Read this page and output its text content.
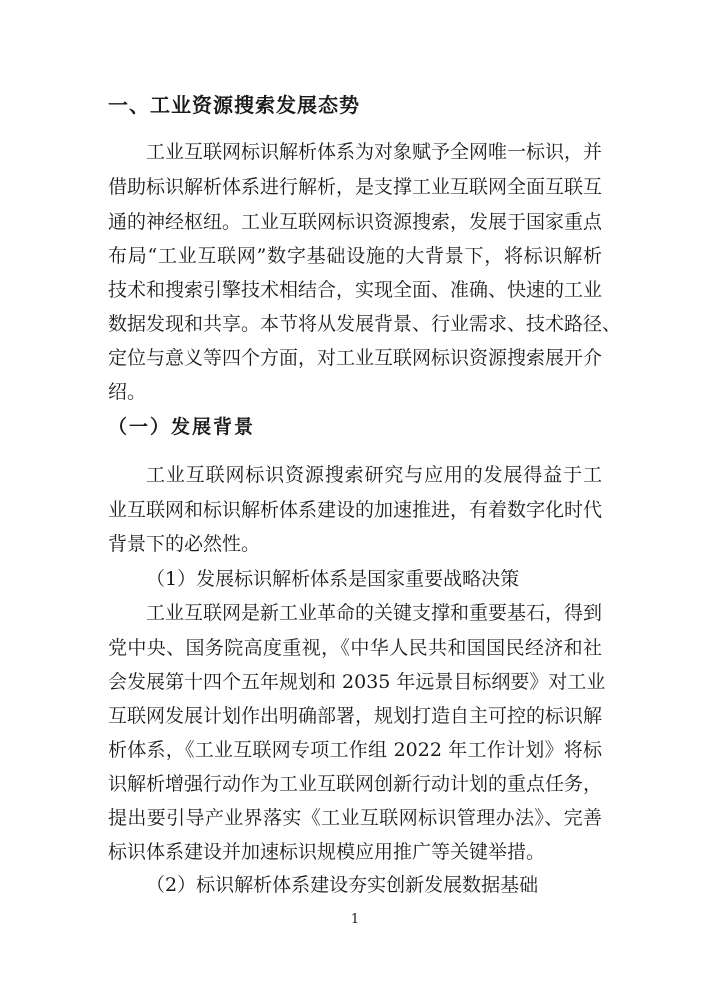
一、工业资源搜索发展态势

工业互联网标识解析体系为对象赋予全网唯一标识，并

借助标识解析体系进行解析，是支撑工业互联网全面互联互

通的神经枢纽。工业互联网标识资源搜索，发展于国家重点

布局“工业互联网”数字基础设施的大背景下，将标识解析

技术和搜索引擎技术相结合，实现全面、准确、快速的工业

数据发现和共享。本节将从发展背景、行业需求、技术路径、

定位与意义等四个方面，对工业互联网标识资源搜索展开介

绍。

（一）发展背景

工业互联网标识资源搜索研究与应用的发展得益于工

业互联网和标识解析体系建设的加速推进，有着数字化时代

背景下的必然性。

（1）发展标识解析体系是国家重要战略决策

工业互联网是新工业革命的关键支撑和重要基石，得到

党中央、国务院高度重视，《中华人民共和国国民经济和社

会发展第十四个五年规划和 2035 年远景目标纲要》对工业

互联网发展计划作出明确部署，规划打造自主可控的标识解

析体系，《工业互联网专项工作组 2022 年工作计划》将标

识解析增强行动作为工业互联网创新行动计划的重点任务，

提出要引导产业界落实《工业互联网标识管理办法》、完善

标识体系建设并加速标识规模应用推广等关键举措。

（2）标识解析体系建设夯实创新发展数据基础

1
